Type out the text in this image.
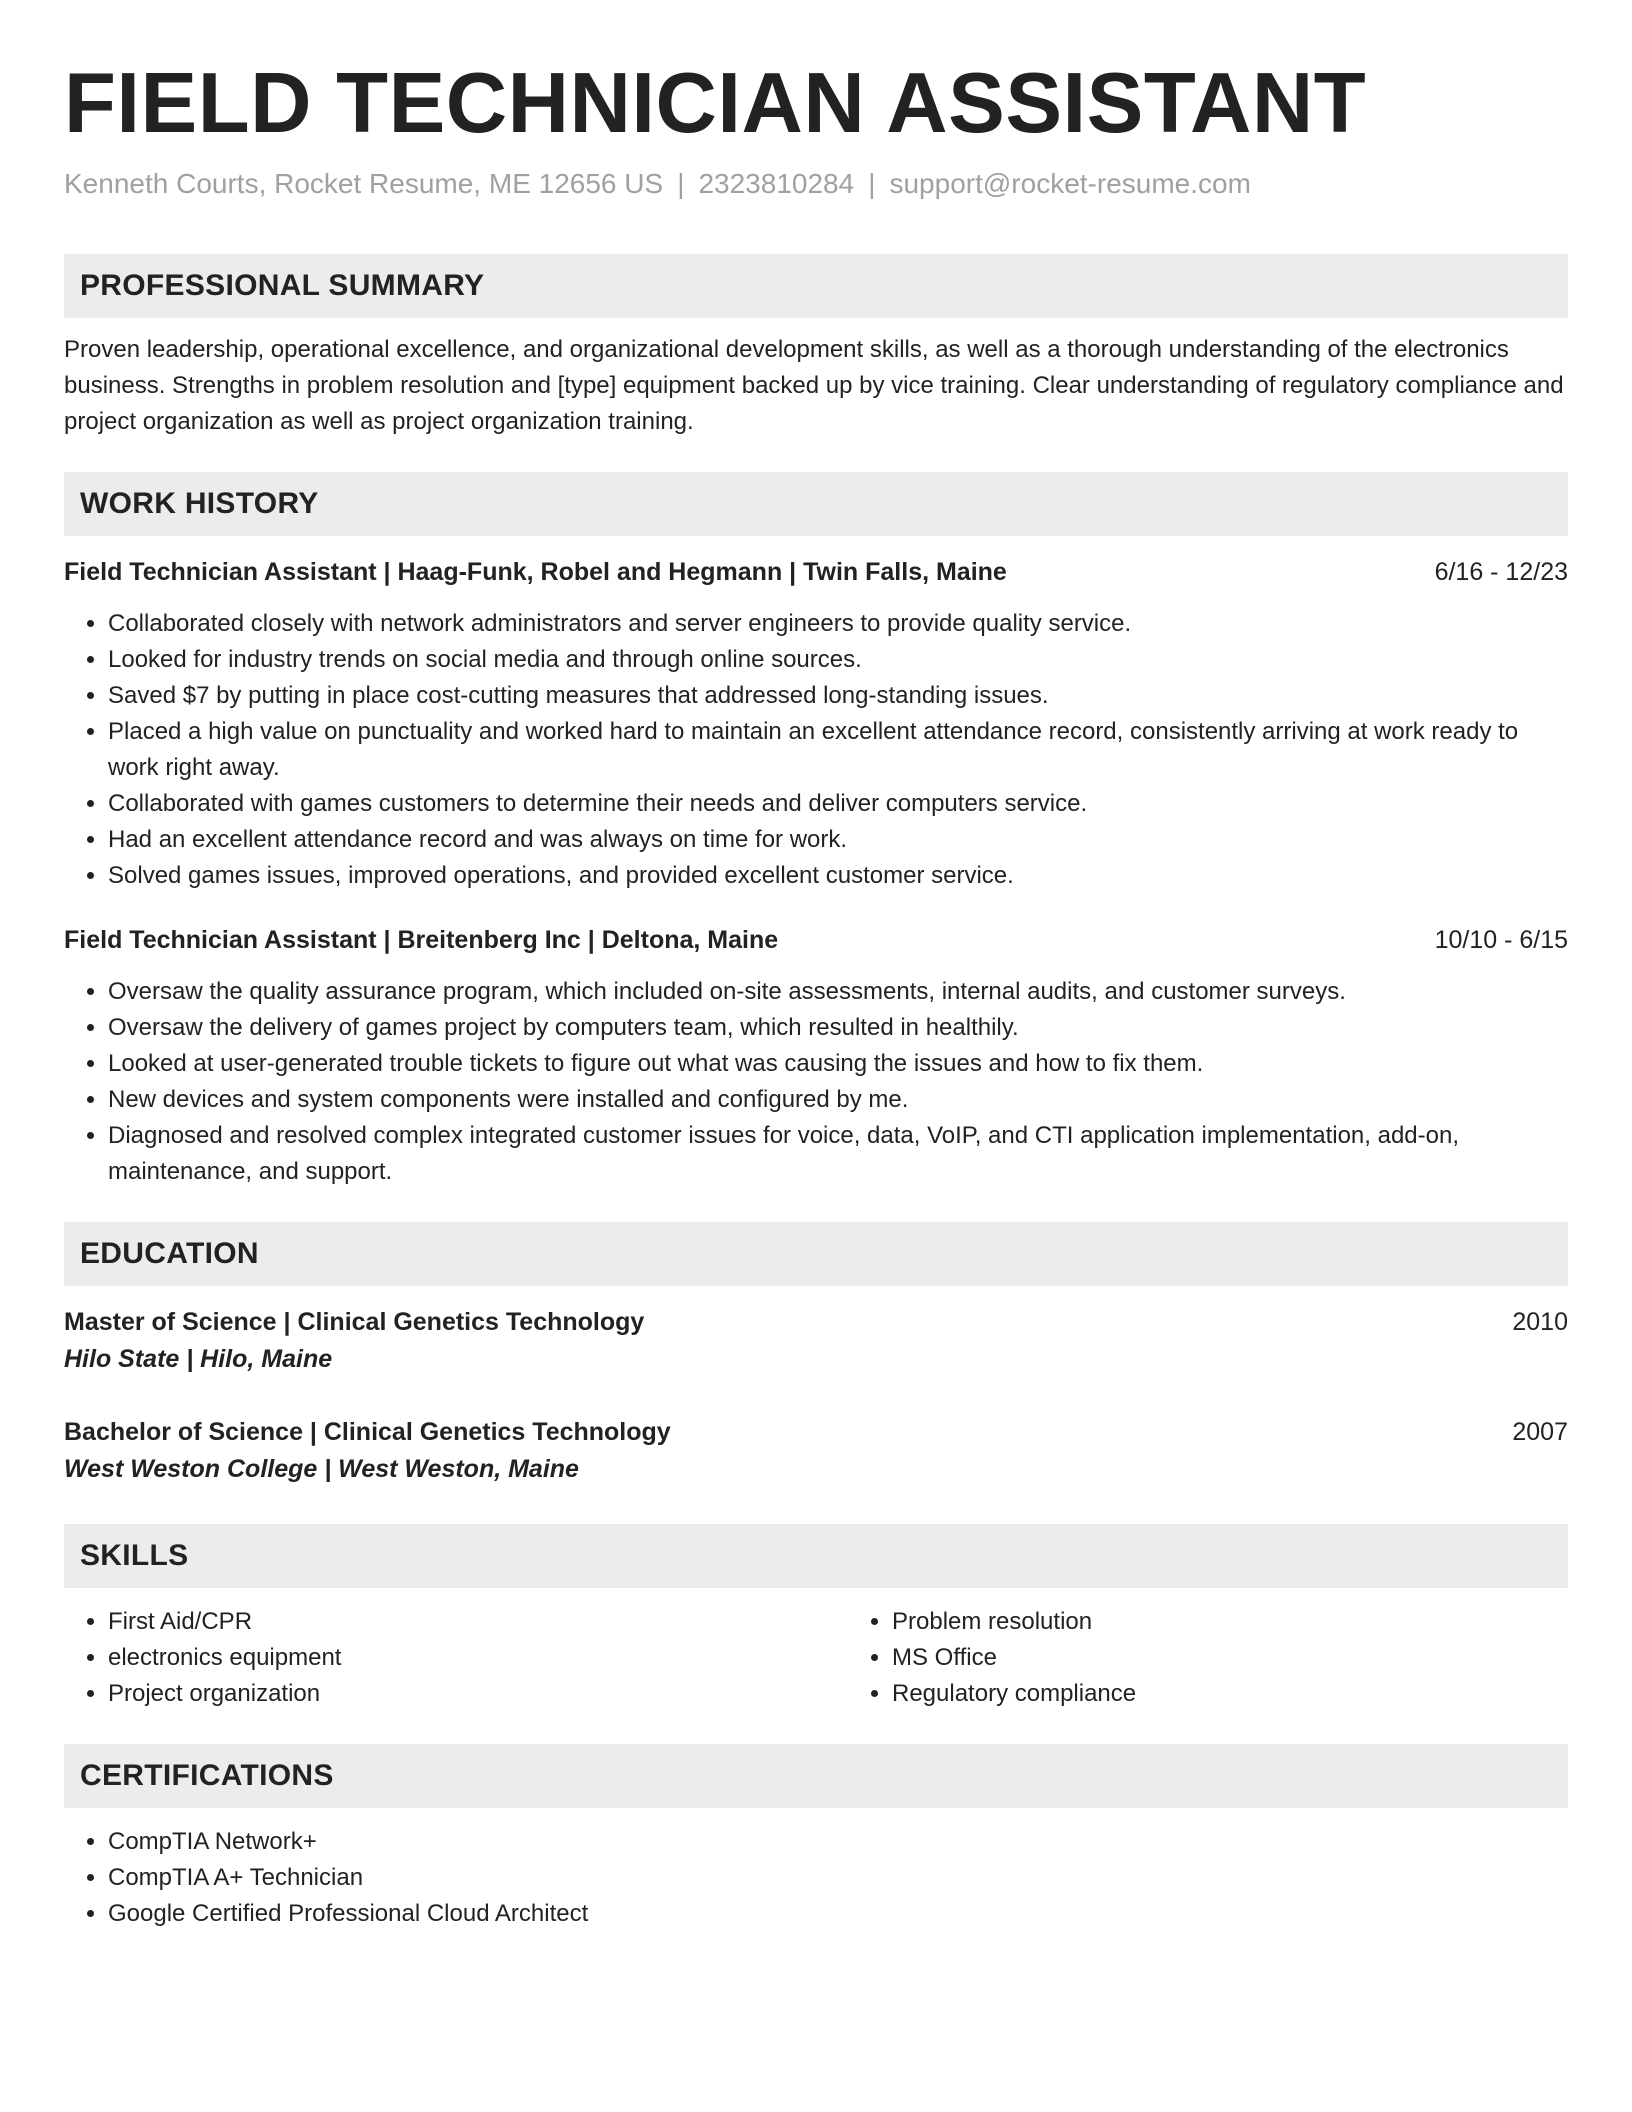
FIELD TECHNICIAN ASSISTANT
Kenneth Courts, Rocket Resume, ME 12656 US | 2323810284 | support@rocket-resume.com
PROFESSIONAL SUMMARY
Proven leadership, operational excellence, and organizational development skills, as well as a thorough understanding of the electronics business. Strengths in problem resolution and [type] equipment backed up by vice training. Clear understanding of regulatory compliance and project organization as well as project organization training.
WORK HISTORY
Field Technician Assistant | Haag-Funk, Robel and Hegmann | Twin Falls, Maine	6/16 - 12/23
• Collaborated closely with network administrators and server engineers to provide quality service.
• Looked for industry trends on social media and through online sources.
• Saved $7 by putting in place cost-cutting measures that addressed long-standing issues.
• Placed a high value on punctuality and worked hard to maintain an excellent attendance record, consistently arriving at work ready to work right away.
• Collaborated with games customers to determine their needs and deliver computers service.
• Had an excellent attendance record and was always on time for work.
• Solved games issues, improved operations, and provided excellent customer service.
Field Technician Assistant | Breitenberg Inc | Deltona, Maine	10/10 - 6/15
• Oversaw the quality assurance program, which included on-site assessments, internal audits, and customer surveys.
• Oversaw the delivery of games project by computers team, which resulted in healthily.
• Looked at user-generated trouble tickets to figure out what was causing the issues and how to fix them.
• New devices and system components were installed and configured by me.
• Diagnosed and resolved complex integrated customer issues for voice, data, VoIP, and CTI application implementation, add-on, maintenance, and support.
EDUCATION
Master of Science | Clinical Genetics Technology	2010
Hilo State | Hilo, Maine
Bachelor of Science | Clinical Genetics Technology	2007
West Weston College | West Weston, Maine
SKILLS
• First Aid/CPR
• electronics equipment
• Project organization
• Problem resolution
• MS Office
• Regulatory compliance
CERTIFICATIONS
• CompTIA Network+
• CompTIA A+ Technician
• Google Certified Professional Cloud Architect
